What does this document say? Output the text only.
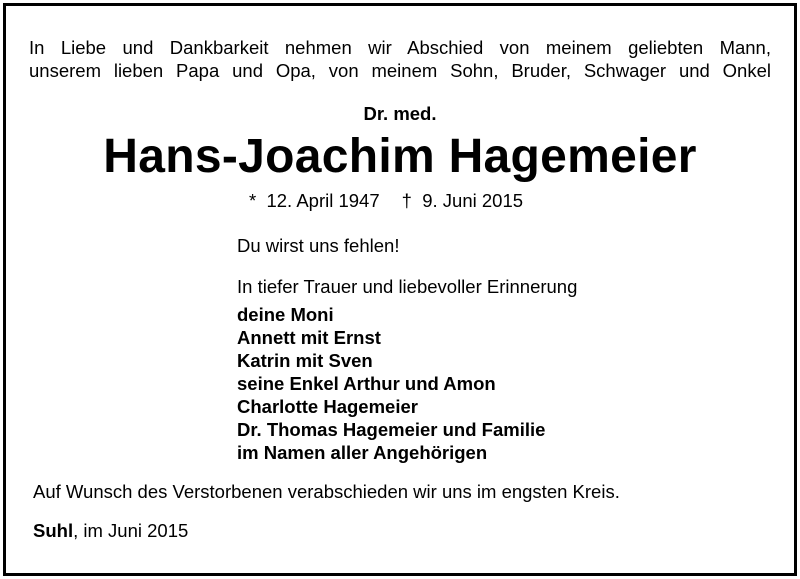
In Liebe und Dankbarkeit nehmen wir Abschied von meinem geliebten Mann,
unserem lieben Papa und Opa, von meinem Sohn, Bruder, Schwager und Onkel
Dr. med.
Hans-Joachim Hagemeier
* 12. April 1947 † 9. Juni 2015
Du wirst uns fehlen!
In tiefer Trauer und liebevoller Erinnerung
deine Moni
Annett mit Ernst
Katrin mit Sven
seine Enkel Arthur und Amon
Charlotte Hagemeier
Dr. Thomas Hagemeier und Familie
im Namen aller Angehörigen
Auf Wunsch des Verstorbenen verabschieden wir uns im engsten Kreis.
Suhl, im Juni 2015
